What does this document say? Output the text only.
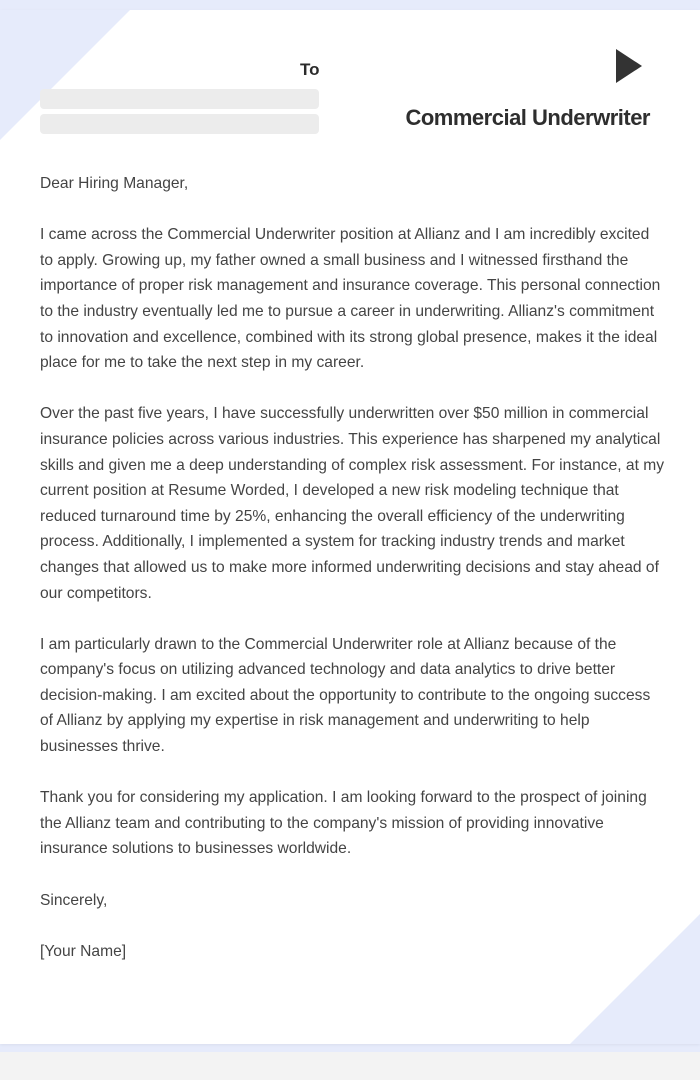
To
Commercial Underwriter

Dear Hiring Manager,

I came across the Commercial Underwriter position at Allianz and I am incredibly excited to apply. Growing up, my father owned a small business and I witnessed firsthand the importance of proper risk management and insurance coverage. This personal connection to the industry eventually led me to pursue a career in underwriting. Allianz's commitment to innovation and excellence, combined with its strong global presence, makes it the ideal place for me to take the next step in my career.

Over the past five years, I have successfully underwritten over $50 million in commercial insurance policies across various industries. This experience has sharpened my analytical skills and given me a deep understanding of complex risk assessment. For instance, at my current position at Resume Worded, I developed a new risk modeling technique that reduced turnaround time by 25%, enhancing the overall efficiency of the underwriting process. Additionally, I implemented a system for tracking industry trends and market changes that allowed us to make more informed underwriting decisions and stay ahead of our competitors.

I am particularly drawn to the Commercial Underwriter role at Allianz because of the company's focus on utilizing advanced technology and data analytics to drive better decision-making. I am excited about the opportunity to contribute to the ongoing success of Allianz by applying my expertise in risk management and underwriting to help businesses thrive.

Thank you for considering my application. I am looking forward to the prospect of joining the Allianz team and contributing to the company's mission of providing innovative insurance solutions to businesses worldwide.

Sincerely,

[Your Name]
